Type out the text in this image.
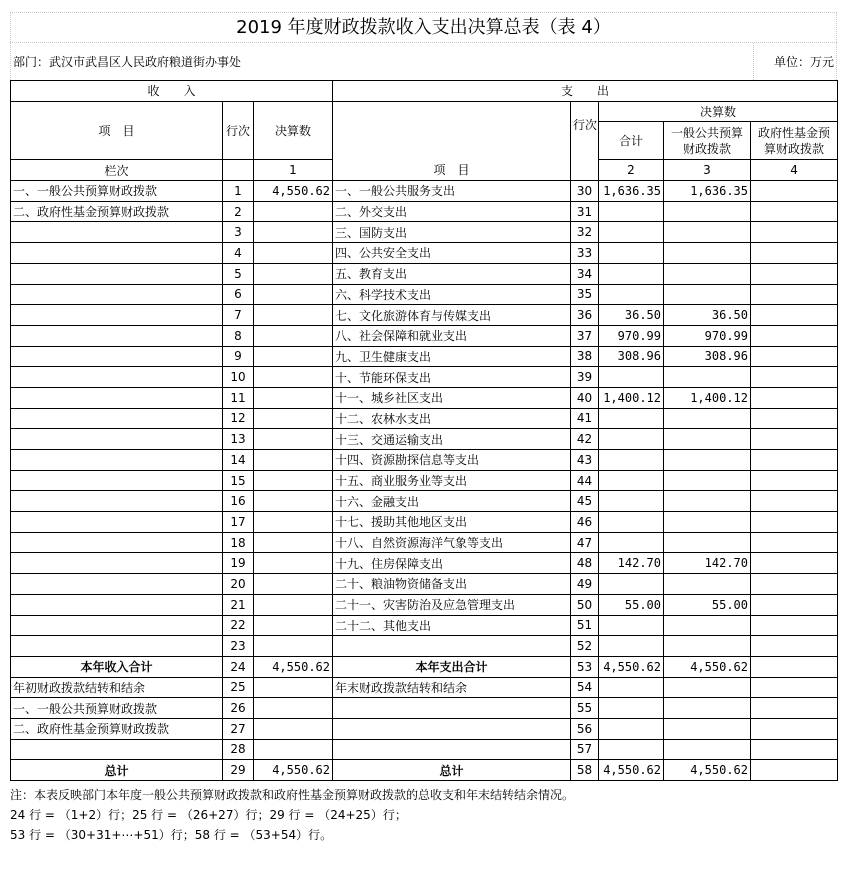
2019 年度财政拨款收入支出决算总表（表 4）
部门：武汉市武昌区人民政府粮道街办事处	单位：万元
收　　入			支　　出				
项　目	行次	决算数	项　目	行次	决算数		
					合计	一般公共预算财政拨款	政府性基金预算财政拨款
栏次		1			2	3	4
一、一般公共预算财政拨款	1	4,550.62	一、一般公共服务支出	30	1,636.35	1,636.35	
二、政府性基金预算财政拨款	2		二、外交支出	31			
	3		三、国防支出	32			
	4		四、公共安全支出	33			
	5		五、教育支出	34			
	6		六、科学技术支出	35			
	7		七、文化旅游体育与传媒支出	36	36.50	36.50	
	8		八、社会保障和就业支出	37	970.99	970.99	
	9		九、卫生健康支出	38	308.96	308.96	
	10		十、节能环保支出	39			
	11		十一、城乡社区支出	40	1,400.12	1,400.12	
	12		十二、农林水支出	41			
	13		十三、交通运输支出	42			
	14		十四、资源勘探信息等支出	43			
	15		十五、商业服务业等支出	44			
	16		十六、金融支出	45			
	17		十七、援助其他地区支出	46			
	18		十八、自然资源海洋气象等支出	47			
	19		十九、住房保障支出	48	142.70	142.70	
	20		二十、粮油物资储备支出	49			
	21		二十一、灾害防治及应急管理支出	50	55.00	55.00	
	22		二十二、其他支出	51			
	23			52			
本年收入合计	24	4,550.62	本年支出合计	53	4,550.62	4,550.62	
年初财政拨款结转和结余	25		年末财政拨款结转和结余	54			
一、一般公共预算财政拨款	26			55			
二、政府性基金预算财政拨款	27			56			
	28			57			
总计	29	4,550.62	总计	58	4,550.62	4,550.62	
注：本表反映部门本年度一般公共预算财政拨款和政府性基金预算财政拨款的总收支和年末结转结余情况。
24 行 = （1+2）行；25 行 = （26+27）行；29 行 = （24+25）行；
53 行 = （30+31+⋯+51）行；58 行 = （53+54）行。
